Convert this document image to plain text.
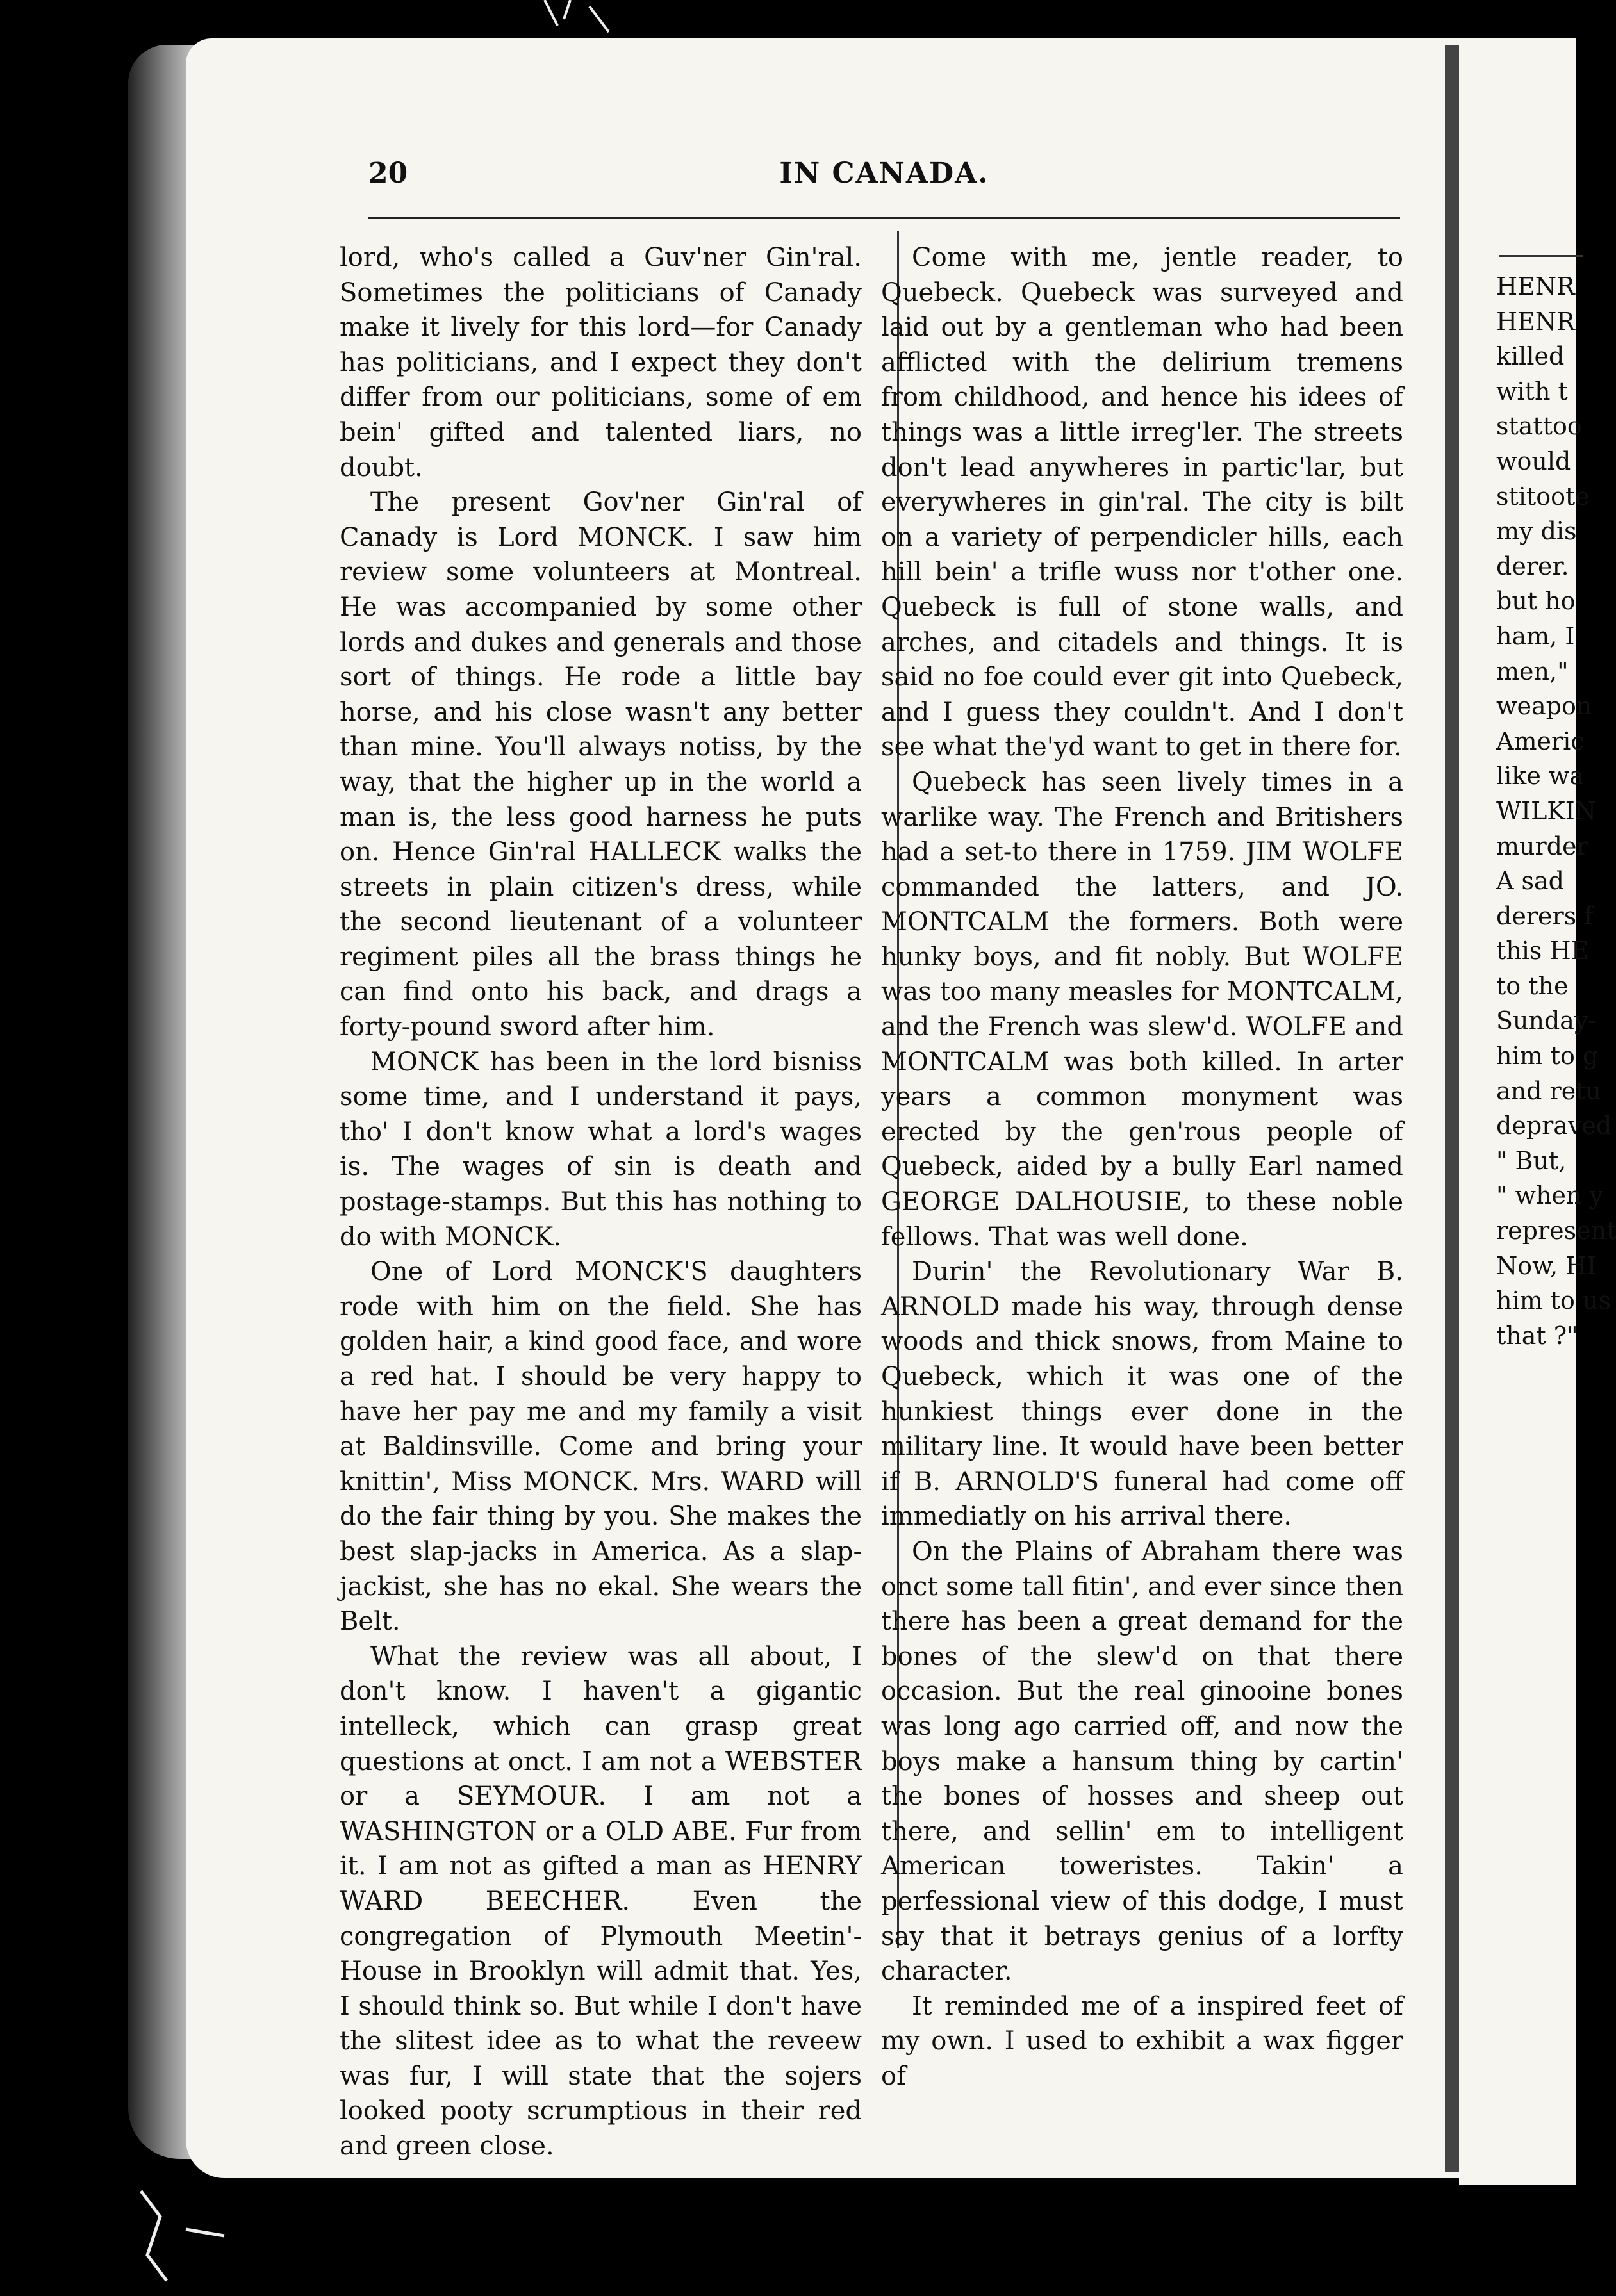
20	IN CANADA.

lord, who's called a Guv'ner Gin'ral. Sometimes the politicians of Canady make it lively for this lord—for Canady has politicians, and I expect they don't differ from our politicians, some of em bein' gifted and talented liars, no doubt.

The present Gov'ner Gin'ral of Canady is Lord MONCK. I saw him review some volunteers at Montreal. He was accompanied by some other lords and dukes and generals and those sort of things. He rode a little bay horse, and his close wasn't any better than mine. You'll always notiss, by the way, that the higher up in the world a man is, the less good harness he puts on. Hence Gin'ral HALLECK walks the streets in plain citizen's dress, while the second lieutenant of a volunteer regiment piles all the brass things he can find onto his back, and drags a forty-pound sword after him.

MONCK has been in the lord bisniss some time, and I understand it pays, tho' I don't know what a lord's wages is. The wages of sin is death and postage-stamps. But this has nothing to do with MONCK.

One of Lord MONCK'S daughters rode with him on the field. She has golden hair, a kind good face, and wore a red hat. I should be very happy to have her pay me and my family a visit at Baldinsville. Come and bring your knittin', Miss MONCK. Mrs. WARD will do the fair thing by you. She makes the best slap-jacks in America. As a slap-jackist, she has no ekal. She wears the Belt.

What the review was all about, I don't know. I haven't a gigantic intelleck, which can grasp great questions at onct. I am not a WEBSTER or a SEYMOUR. I am not a WASHINGTON or a OLD ABE. Fur from it. I am not as gifted a man as HENRY WARD BEECHER. Even the congregation of Plymouth Meetin'-House in Brooklyn will admit that. Yes, I should think so. But while I don't have the slitest idee as to what the reveew was fur, I will state that the sojers looked pooty scrumptious in their red and green close.

Come with me, jentle reader, to Quebeck. Quebeck was surveyed and laid out by a gentleman who had been afflicted with the delirium tremens from childhood, and hence his idees of things was a little irreg'ler. The streets don't lead anywheres in partic'lar, but everywheres in gin'ral. The city is bilt on a variety of perpendicler hills, each hill bein' a trifle wuss nor t'other one. Quebeck is full of stone walls, and arches, and citadels and things. It is said no foe could ever git into Quebeck, and I guess they couldn't. And I don't see what the'yd want to get in there for.

Quebeck has seen lively times in a warlike way. The French and Britishers had a set-to there in 1759. JIM WOLFE commanded the latters, and JO. MONTCALM the formers. Both were hunky boys, and fit nobly. But WOLFE was too many measles for MONTCALM, and the French was slew'd. WOLFE and MONTCALM was both killed. In arter years a common monyment was erected by the gen'rous people of Quebeck, aided by a bully Earl named GEORGE DALHOUSIE, to these noble fellows. That was well done.

Durin' the Revolutionary War B. ARNOLD made his way, through dense woods and thick snows, from Maine to Quebeck, which it was one of the hunkiest things ever done in the military line. It would have been better if B. ARNOLD'S funeral had come off immediatly on his arrival there.

On the Plains of Abraham there was onct some tall fitin', and ever since then there has been a great demand for the bones of the slew'd on that there occasion. But the real ginooine bones was long ago carried off, and now the boys make a hansum thing by cartin' the bones of hosses and sheep out there, and sellin' em to intelligent American toweristes. Takin' a perfessional view of this dodge, I must say that it betrays genius of a lorfty character.

It reminded me of a inspired feet of my own. I used to exhibit a wax figger of

HENR
HENR
killed
with t
stattoo
would
stitoote
my dis
derer.
but ho
ham, I
men,"
weapon
Americ
like wa
WILKIN
murder
A sad
derers f
this HE
to the
Sunday-
him to g
and retu
depraved
" But,
" when y
represent
Now, HI
him to us
that ?"
